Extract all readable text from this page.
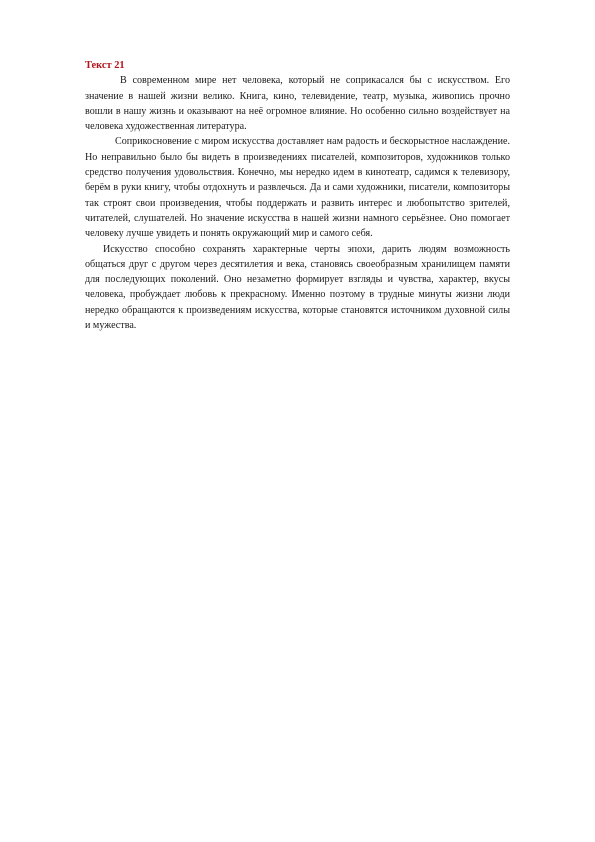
Текст 21

В современном мире нет человека, который не соприкасался бы с искусством. Его значение в нашей жизни велико. Книга, кино, телевидение, театр, музыка, живопись прочно вошли в нашу жизнь и оказывают на неё огромное влияние. Но особенно сильно воздействует на человека художественная литература.

Соприкосновение с миром искусства доставляет нам радость и бескорыстное наслаждение. Но неправильно было бы видеть в произведениях писателей, композиторов, художников только средство получения удовольствия. Конечно, мы нередко идем в кинотеатр, садимся к телевизору, берём в руки книгу, чтобы отдохнуть и развлечься. Да и сами художники, писатели, композиторы так строят свои произведения, чтобы поддержать и развить интерес и любопытство зрителей, читателей, слушателей. Но значение искусства в нашей жизни намного серьёзнее. Оно помогает человеку лучше увидеть и понять окружающий мир и самого себя.

Искусство способно сохранять характерные черты эпохи, дарить людям возможность общаться друг с другом через десятилетия и века, становясь своеобразным хранилищем памяти для последующих поколений. Оно незаметно формирует взгляды и чувства, характер, вкусы человека, пробуждает любовь к прекрасному. Именно поэтому в трудные минуты жизни люди нередко обращаются к произведениям искусства, которые становятся источником духовной силы и мужества.
